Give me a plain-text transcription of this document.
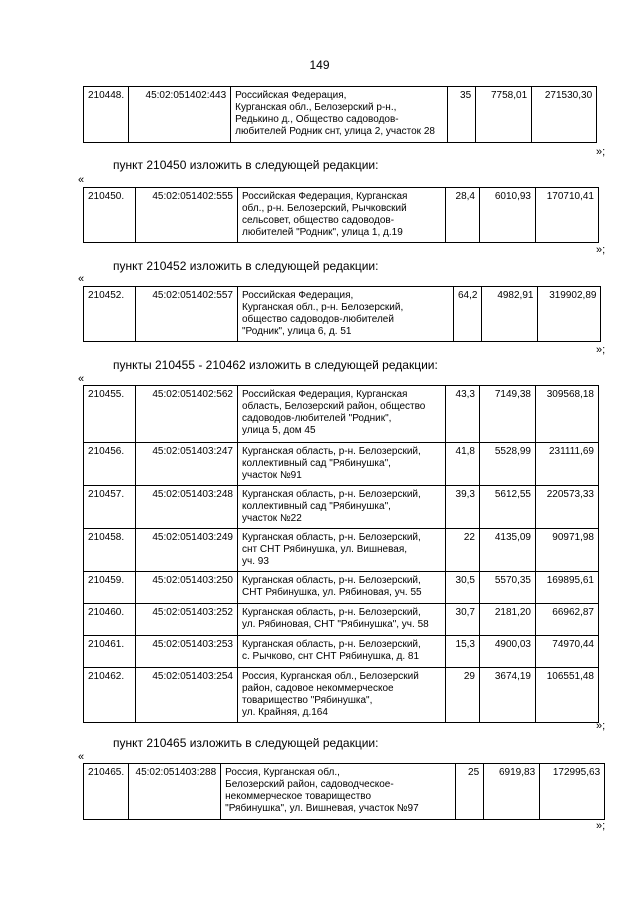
149
210448.	45:02:051402:443	Российская Федерация,
Курганская обл., Белозерский р-н.,
Редькино д., Общество садоводов-
любителей Родник снт, улица 2, участок 28
	35	7758,01	271530,30
»;
пункт 210450 изложить в следующей редакции:
«
210450.	45:02:051402:555	Российская Федерация, Курганская
обл., р-н. Белозерский, Рычковский
сельсовет, общество садоводов-
любителей "Родник", улица 1, д.19
	28,4	6010,93	170710,41
»;
пункт 210452 изложить в следующей редакции:
«
210452.	45:02:051402:557	Российская Федерация,
Курганская обл., р-н. Белозерский,
общество садоводов-любителей
"Родник", улица 6, д. 51
	64,2	4982,91	319902,89
»;
пункты 210455 - 210462 изложить в следующей редакции:
«
210455.	45:02:051402:562	Российская Федерация, Курганская
область, Белозерский район, общество
садоводов-любителей "Родник",
улица 5, дом 45	43,3	7149,38	309568,18
210456.	45:02:051403:247	Курганская область, р-н. Белозерский,
коллективный сад "Рябинушка",
участок №91	41,8	5528,99	231111,69
210457.	45:02:051403:248	Курганская область, р-н. Белозерский,
коллективный сад "Рябинушка",
участок №22	39,3	5612,55	220573,33
210458.	45:02:051403:249	Курганская область, р-н. Белозерский,
снт СНТ Рябинушка, ул. Вишневая,
уч. 93	22	4135,09	90971,98
210459.	45:02:051403:250	Курганская область, р-н. Белозерский,
СНТ Рябинушка, ул. Рябиновая, уч. 55	30,5	5570,35	169895,61
210460.	45:02:051403:252	Курганская область, р-н. Белозерский,
ул. Рябиновая, СНТ "Рябинушка", уч. 58	30,7	2181,20	66962,87
210461.	45:02:051403:253	Курганская область, р-н. Белозерский,
с. Рычково, снт СНТ Рябинушка, д. 81	15,3	4900,03	74970,44
210462.	45:02:051403:254	Россия, Курганская обл., Белозерский
район, садовое некоммерческое
товарищество "Рябинушка",
ул. Крайняя, д.164	29	3674,19	106551,48
»;
пункт 210465 изложить в следующей редакции:
«
210465.	45:02:051403:288	Россия, Курганская обл.,
Белозерский район, садоводческое-
некоммерческое товарищество
"Рябинушка", ул. Вишневая, участок №97
	25	6919,83	172995,63
»;
